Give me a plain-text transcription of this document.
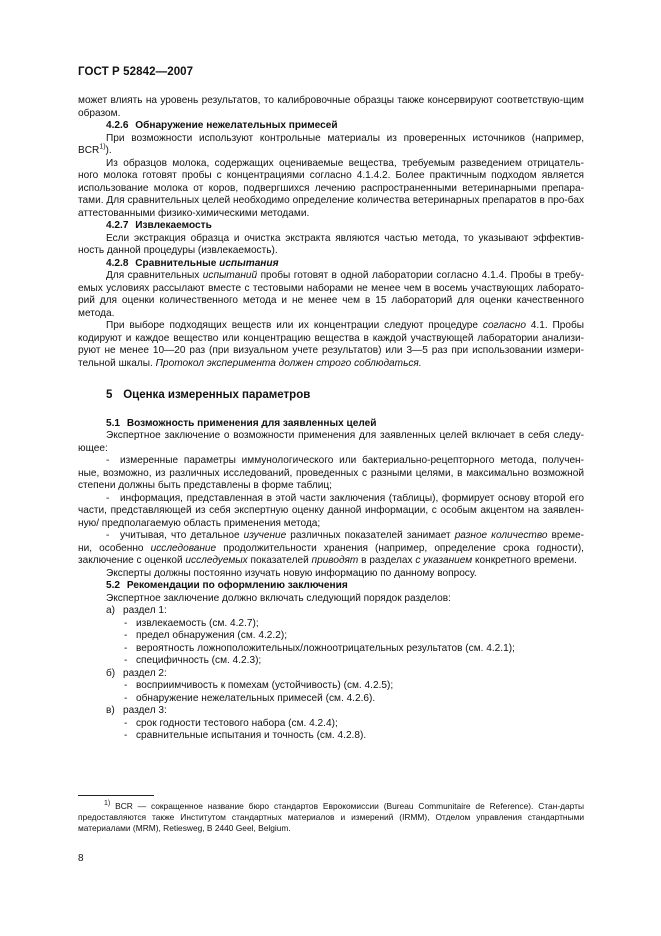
ГОСТ Р 52842—2007

может влиять на уровень результатов, то калибровочные образцы также консервируют соответствую-щим образом.

4.2.6 Обнаружение нежелательных примесей

При возможности используют контрольные материалы из проверенных источников (например, BCR$^{1)}$).

Из образцов молока, содержащих оцениваемые вещества, требуемым разведением отрицатель-ного молока готовят пробы с концентрациями согласно 4.1.4.2. Более практичным подходом является использование молока от коров, подвергшихся лечению распространенными ветеринарными препара-тами. Для сравнительных целей необходимо определение количества ветеринарных препаратов в про-бах аттестованными физико-химическими методами.

4.2.7 Извлекаемость

Если экстракция образца и очистка экстракта являются частью метода, то указывают эффектив-ность данной процедуры (извлекаемость).

4.2.8 Сравнительные испытания

Для сравнительных испытаний пробы готовят в одной лаборатории согласно 4.1.4. Пробы в требу-емых условиях рассылают вместе с тестовыми наборами не менее чем в восемь участвующих лаборато-рий для оценки количественного метода и не менее чем в 15 лабораторий для оценки качественного метода.

При выборе подходящих веществ или их концентрации следуют процедуре согласно 4.1. Пробы кодируют и каждое вещество или концентрацию вещества в каждой участвующей лаборатории анализи-руют не менее 10—20 раз (при визуальном учете результатов) или 3—5 раз при использовании измери-тельной шкалы. Протокол эксперимента должен строго соблюдаться.

5 Оценка измеренных параметров
5.1 Возможность применения для заявленных целей

Экспертное заключение о возможности применения для заявленных целей включает в себя следу-ющее:

- измеренные параметры иммунологического или бактериально-рецепторного метода, получен-ные, возможно, из различных исследований, проведенных с разными целями, в максимально возможной степени должны быть представлены в форме таблиц;

- информация, представленная в этой части заключения (таблицы), формирует основу второй его части, представляющей из себя экспертную оценку данной информации, с особым акцентом на заявлен-ную/ предполагаемую область применения метода;

- учитывая, что детальное изучение различных показателей занимает разное количество време-ни, особенно исследование продолжительности хранения (например, определение срока годности), заключение с оценкой исследуемых показателей приводят в разделах с указанием конкретного времени.

Эксперты должны постоянно изучать новую информацию по данному вопросу.

5.2 Рекомендации по оформлению заключения

Экспертное заключение должно включать следующий порядок разделов:

а) раздел 1:
- извлекаемость (см. 4.2.7);
- предел обнаружения (см. 4.2.2);
- вероятность ложноположительных/ложноотрицательных результатов (см. 4.2.1);
- специфичность (см. 4.2.3);
б) раздел 2:
- восприимчивость к помехам (устойчивость) (см. 4.2.5);
- обнаружение нежелательных примесей (см. 4.2.6).
в) раздел 3:
- срок годности тестового набора (см. 4.2.4);
- сравнительные испытания и точность (см. 4.2.8).
$^{1)}$ BCR — сокращенное название бюро стандартов Еврокомиссии (Bureau Communitaire de Reference). Стан-дарты предоставляются также Институтом стандартных материалов и измерений (IRMM), Отделом управления стандартными материалами (MRM), Retiesweg, B 2440 Geel, Belgium.
8
